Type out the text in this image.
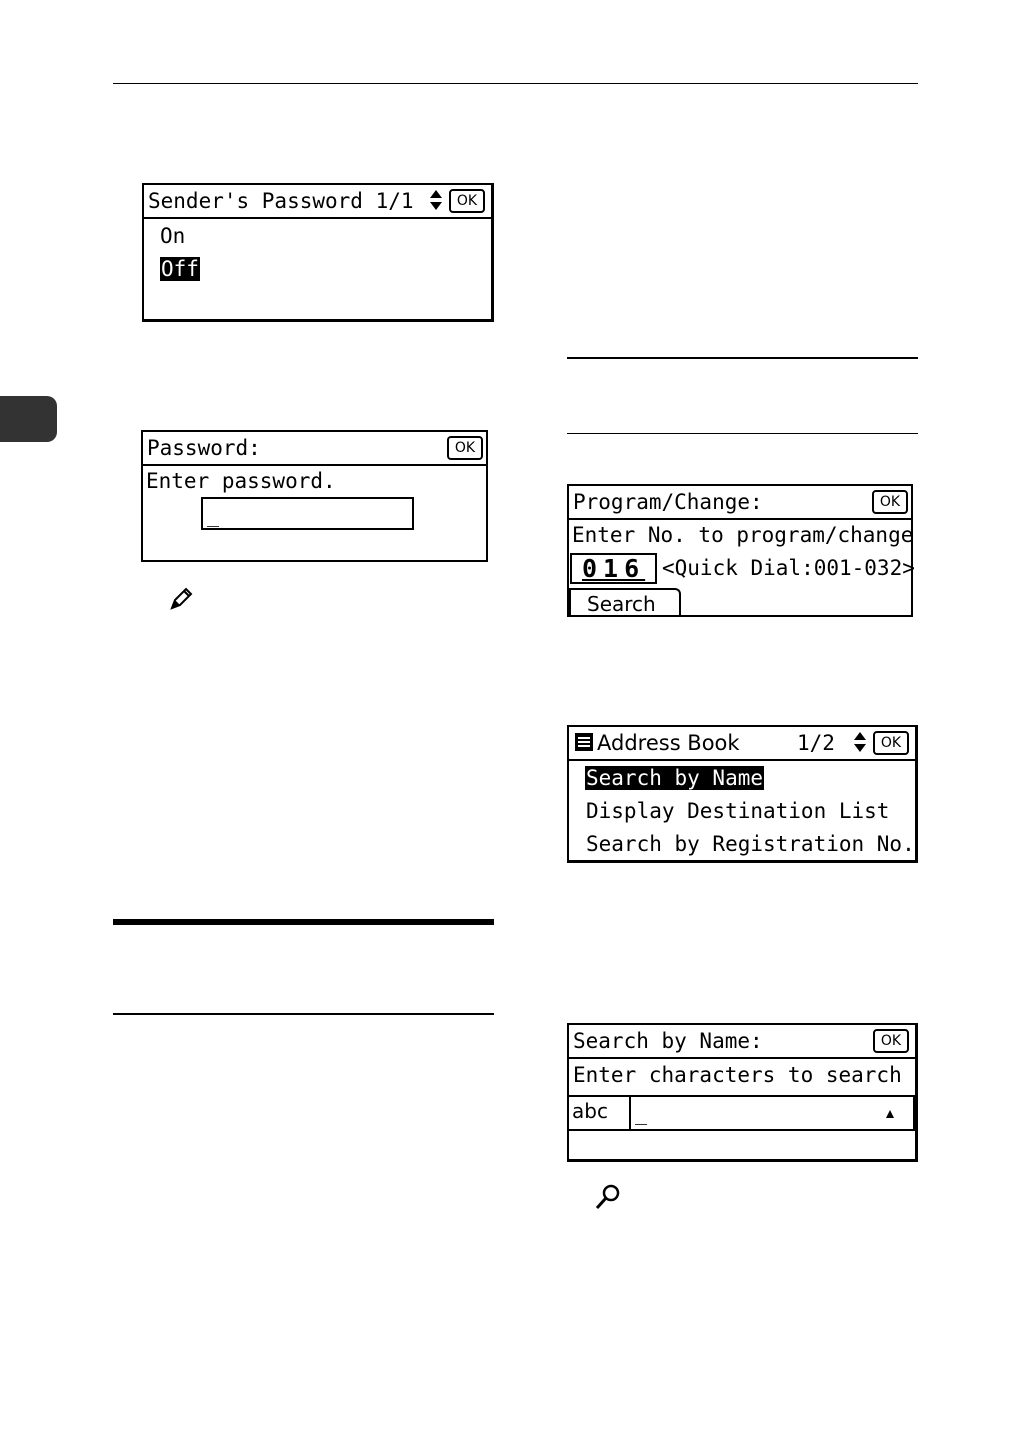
Sender's Password 1/1	OK
On
Off
Password:	OK
Enter password.
_
Program/Change:	OK
Enter No. to program/change
016 <Quick Dial:001-032>
Search
Address Book	1/2	OK
Search by Name
Display Destination List
Search by Registration No.
Search by Name:	OK
Enter characters to search
abc _
